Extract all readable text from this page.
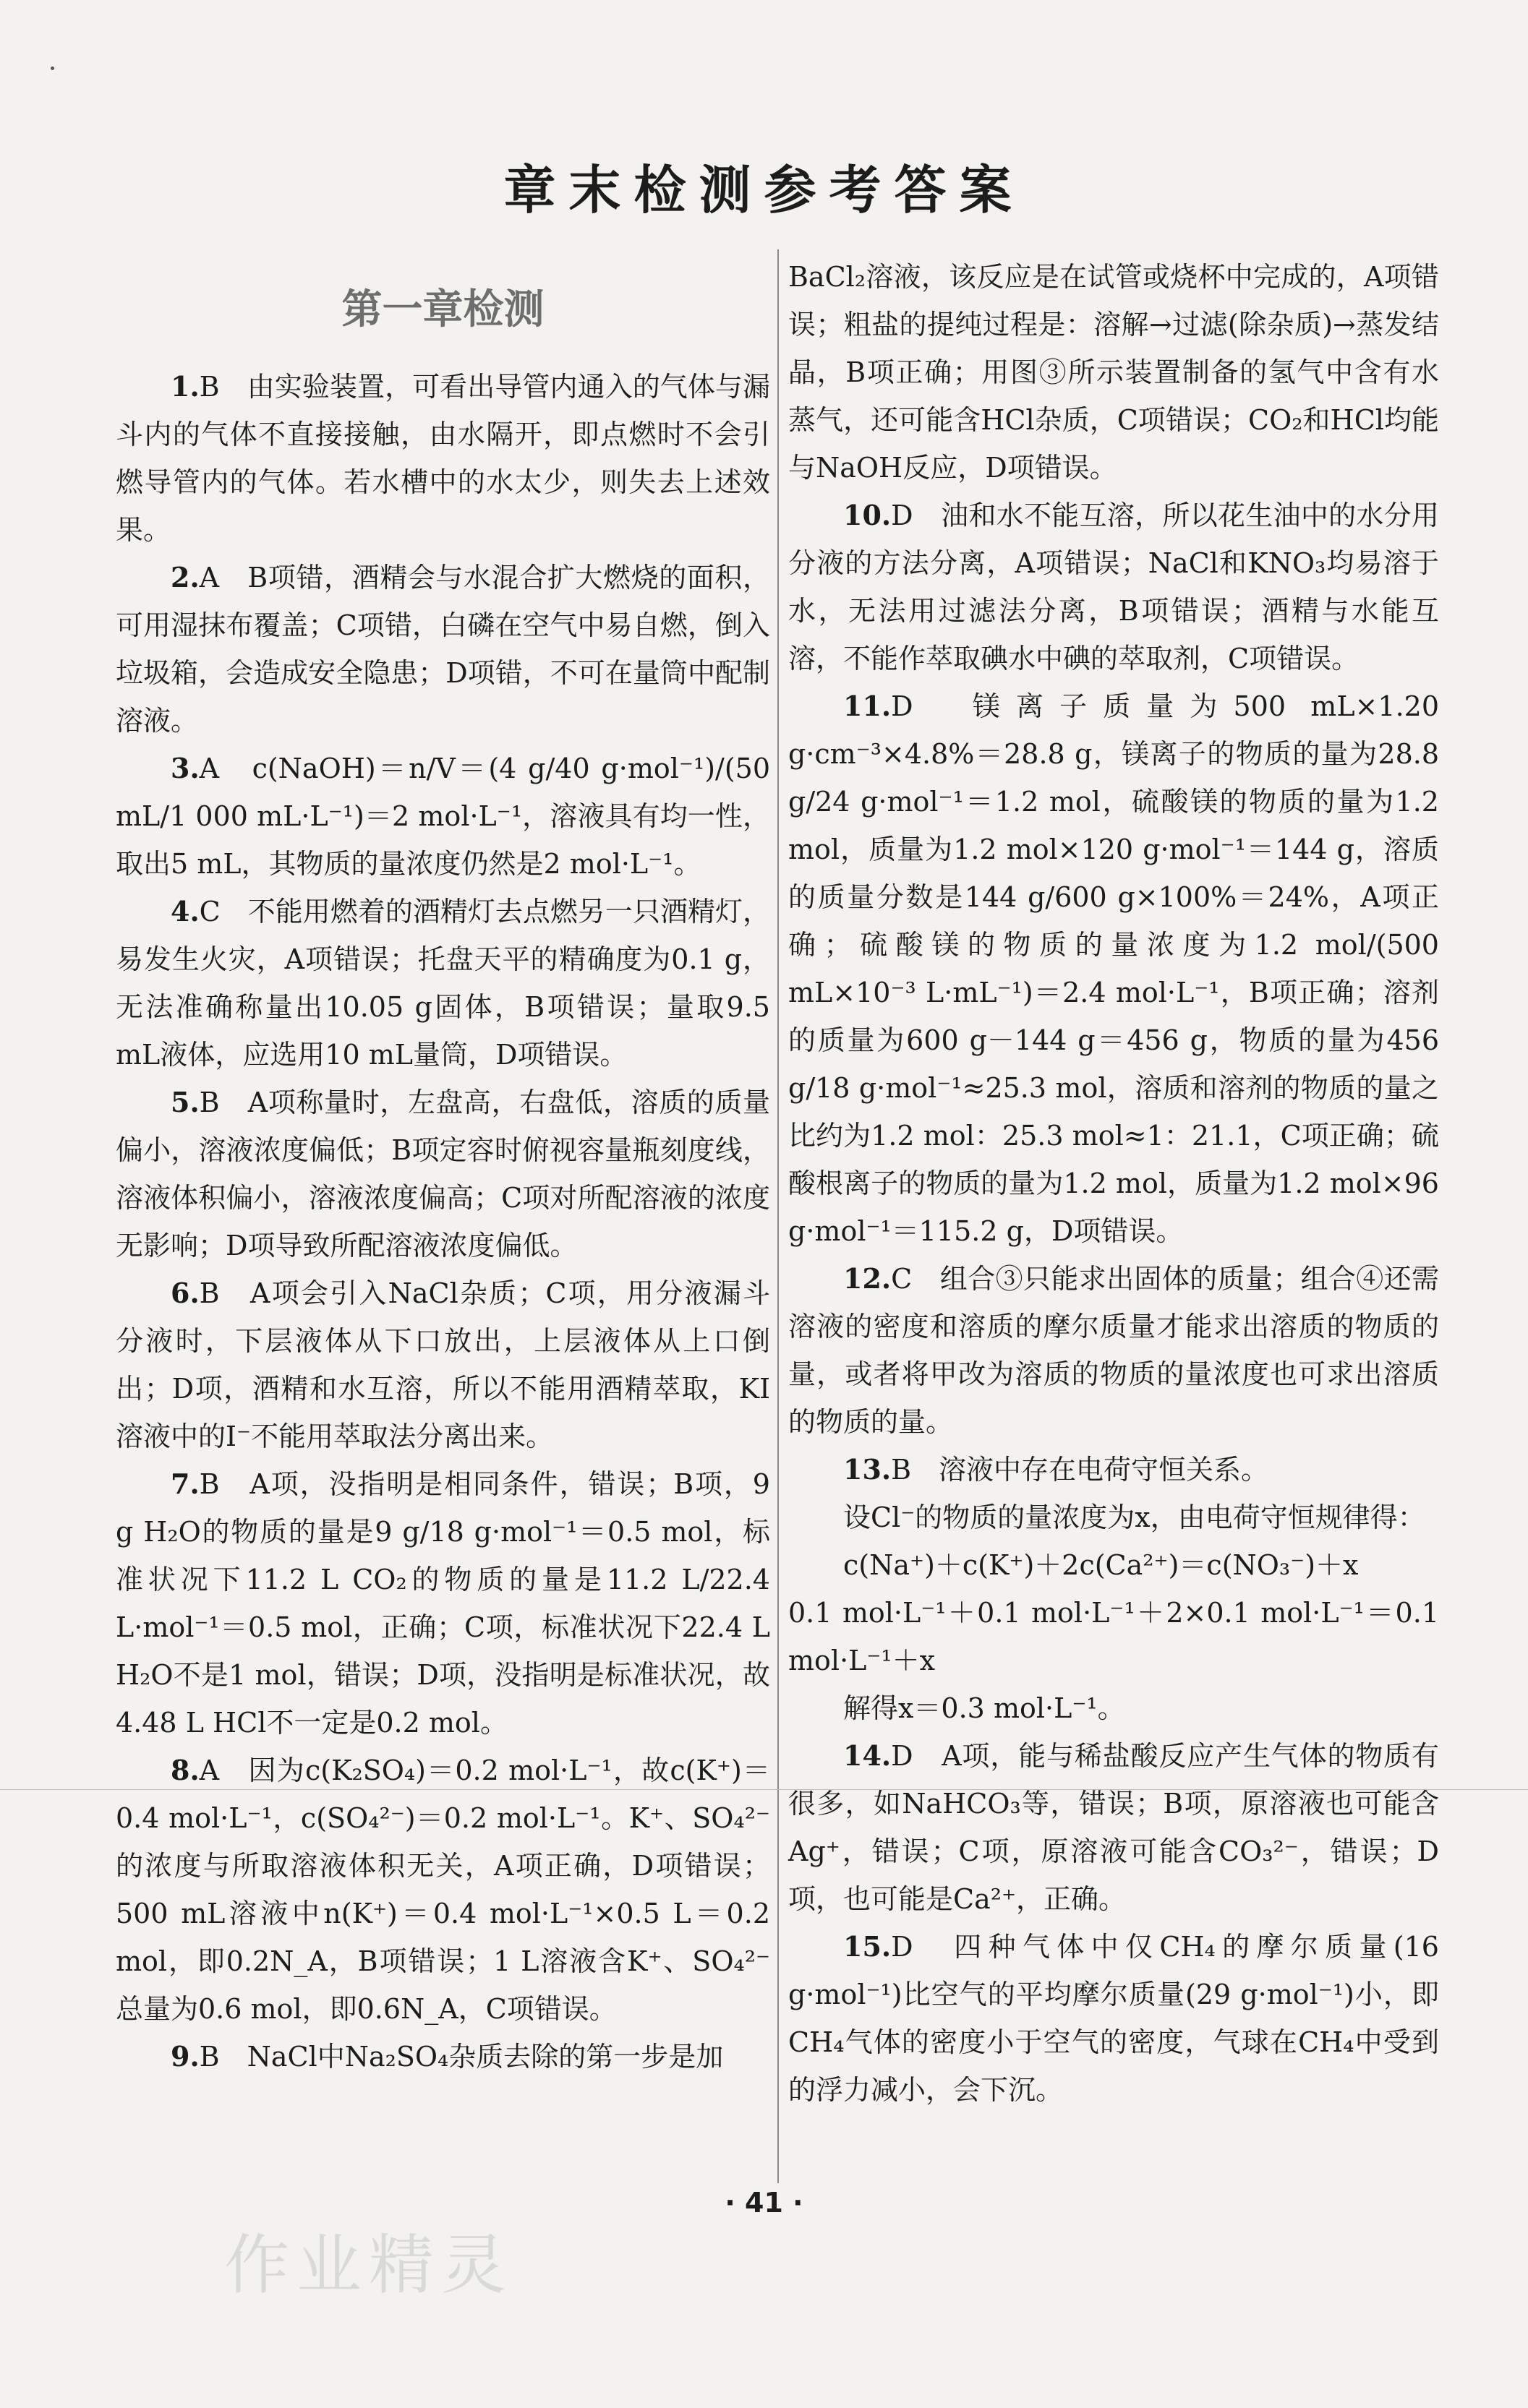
章末检测参考答案
第一章检测

1.B　由实验装置，可看出导管内通入的气体与漏斗内的气体不直接接触，由水隔开，即点燃时不会引燃导管内的气体。若水槽中的水太少，则失去上述效果。

2.A　B项错，酒精会与水混合扩大燃烧的面积，可用湿抹布覆盖；C项错，白磷在空气中易自燃，倒入垃圾箱，会造成安全隐患；D项错，不可在量筒中配制溶液。

3.A　c(NaOH)＝n/V＝(4 g/40 g·mol⁻¹)/(50 mL/1 000 mL·L⁻¹)＝2 mol·L⁻¹，溶液具有均一性，取出5 mL，其物质的量浓度仍然是2 mol·L⁻¹。

4.C　不能用燃着的酒精灯去点燃另一只酒精灯，易发生火灾，A项错误；托盘天平的精确度为0.1 g，无法准确称量出10.05 g固体，B项错误；量取9.5 mL液体，应选用10 mL量筒，D项错误。

5.B　A项称量时，左盘高，右盘低，溶质的质量偏小，溶液浓度偏低；B项定容时俯视容量瓶刻度线，溶液体积偏小，溶液浓度偏高；C项对所配溶液的浓度无影响；D项导致所配溶液浓度偏低。

6.B　A项会引入NaCl杂质；C项，用分液漏斗分液时，下层液体从下口放出，上层液体从上口倒出；D项，酒精和水互溶，所以不能用酒精萃取，KI溶液中的I⁻不能用萃取法分离出来。

7.B　A项，没指明是相同条件，错误；B项，9 g H₂O的物质的量是9 g/18 g·mol⁻¹＝0.5 mol，标准状况下11.2 L CO₂的物质的量是11.2 L/22.4 L·mol⁻¹＝0.5 mol，正确；C项，标准状况下22.4 L H₂O不是1 mol，错误；D项，没指明是标准状况，故4.48 L HCl不一定是0.2 mol。

8.A　因为c(K₂SO₄)＝0.2 mol·L⁻¹，故c(K⁺)＝0.4 mol·L⁻¹，c(SO₄²⁻)＝0.2 mol·L⁻¹。K⁺、SO₄²⁻的浓度与所取溶液体积无关，A项正确，D项错误；500 mL溶液中n(K⁺)＝0.4 mol·L⁻¹×0.5 L＝0.2 mol，即0.2N_A，B项错误；1 L溶液含K⁺、SO₄²⁻总量为0.6 mol，即0.6N_A，C项错误。

9.B　NaCl中Na₂SO₄杂质去除的第一步是加

BaCl₂溶液，该反应是在试管或烧杯中完成的，A项错误；粗盐的提纯过程是：溶解→过滤(除杂质)→蒸发结晶，B项正确；用图③所示装置制备的氢气中含有水蒸气，还可能含HCl杂质，C项错误；CO₂和HCl均能与NaOH反应，D项错误。

10.D　油和水不能互溶，所以花生油中的水分用分液的方法分离，A项错误；NaCl和KNO₃均易溶于水，无法用过滤法分离，B项错误；酒精与水能互溶，不能作萃取碘水中碘的萃取剂，C项错误。

11.D　镁离子质量为500 mL×1.20 g·cm⁻³×4.8%＝28.8 g，镁离子的物质的量为28.8 g/24 g·mol⁻¹＝1.2 mol，硫酸镁的物质的量为1.2 mol，质量为1.2 mol×120 g·mol⁻¹＝144 g，溶质的质量分数是144 g/600 g×100%＝24%，A项正确；硫酸镁的物质的量浓度为1.2 mol/(500 mL×10⁻³ L·mL⁻¹)＝2.4 mol·L⁻¹，B项正确；溶剂的质量为600 g－144 g＝456 g，物质的量为456 g/18 g·mol⁻¹≈25.3 mol，溶质和溶剂的物质的量之比约为1.2 mol：25.3 mol≈1：21.1，C项正确；硫酸根离子的物质的量为1.2 mol，质量为1.2 mol×96 g·mol⁻¹＝115.2 g，D项错误。

12.C　组合③只能求出固体的质量；组合④还需溶液的密度和溶质的摩尔质量才能求出溶质的物质的量，或者将甲改为溶质的物质的量浓度也可求出溶质的物质的量。

13.B　溶液中存在电荷守恒关系。

设Cl⁻的物质的量浓度为x，由电荷守恒规律得：

c(Na⁺)＋c(K⁺)＋2c(Ca²⁺)＝c(NO₃⁻)＋x

0.1 mol·L⁻¹＋0.1 mol·L⁻¹＋2×0.1 mol·L⁻¹＝0.1 mol·L⁻¹＋x

解得x＝0.3 mol·L⁻¹。

14.D　A项，能与稀盐酸反应产生气体的物质有很多，如NaHCO₃等，错误；B项，原溶液也可能含Ag⁺，错误；C项，原溶液可能含CO₃²⁻，错误；D项，也可能是Ca²⁺，正确。

15.D　四种气体中仅CH₄的摩尔质量(16 g·mol⁻¹)比空气的平均摩尔质量(29 g·mol⁻¹)小，即CH₄气体的密度小于空气的密度，气球在CH₄中受到的浮力减小，会下沉。

· 41 ·
作业精灵
